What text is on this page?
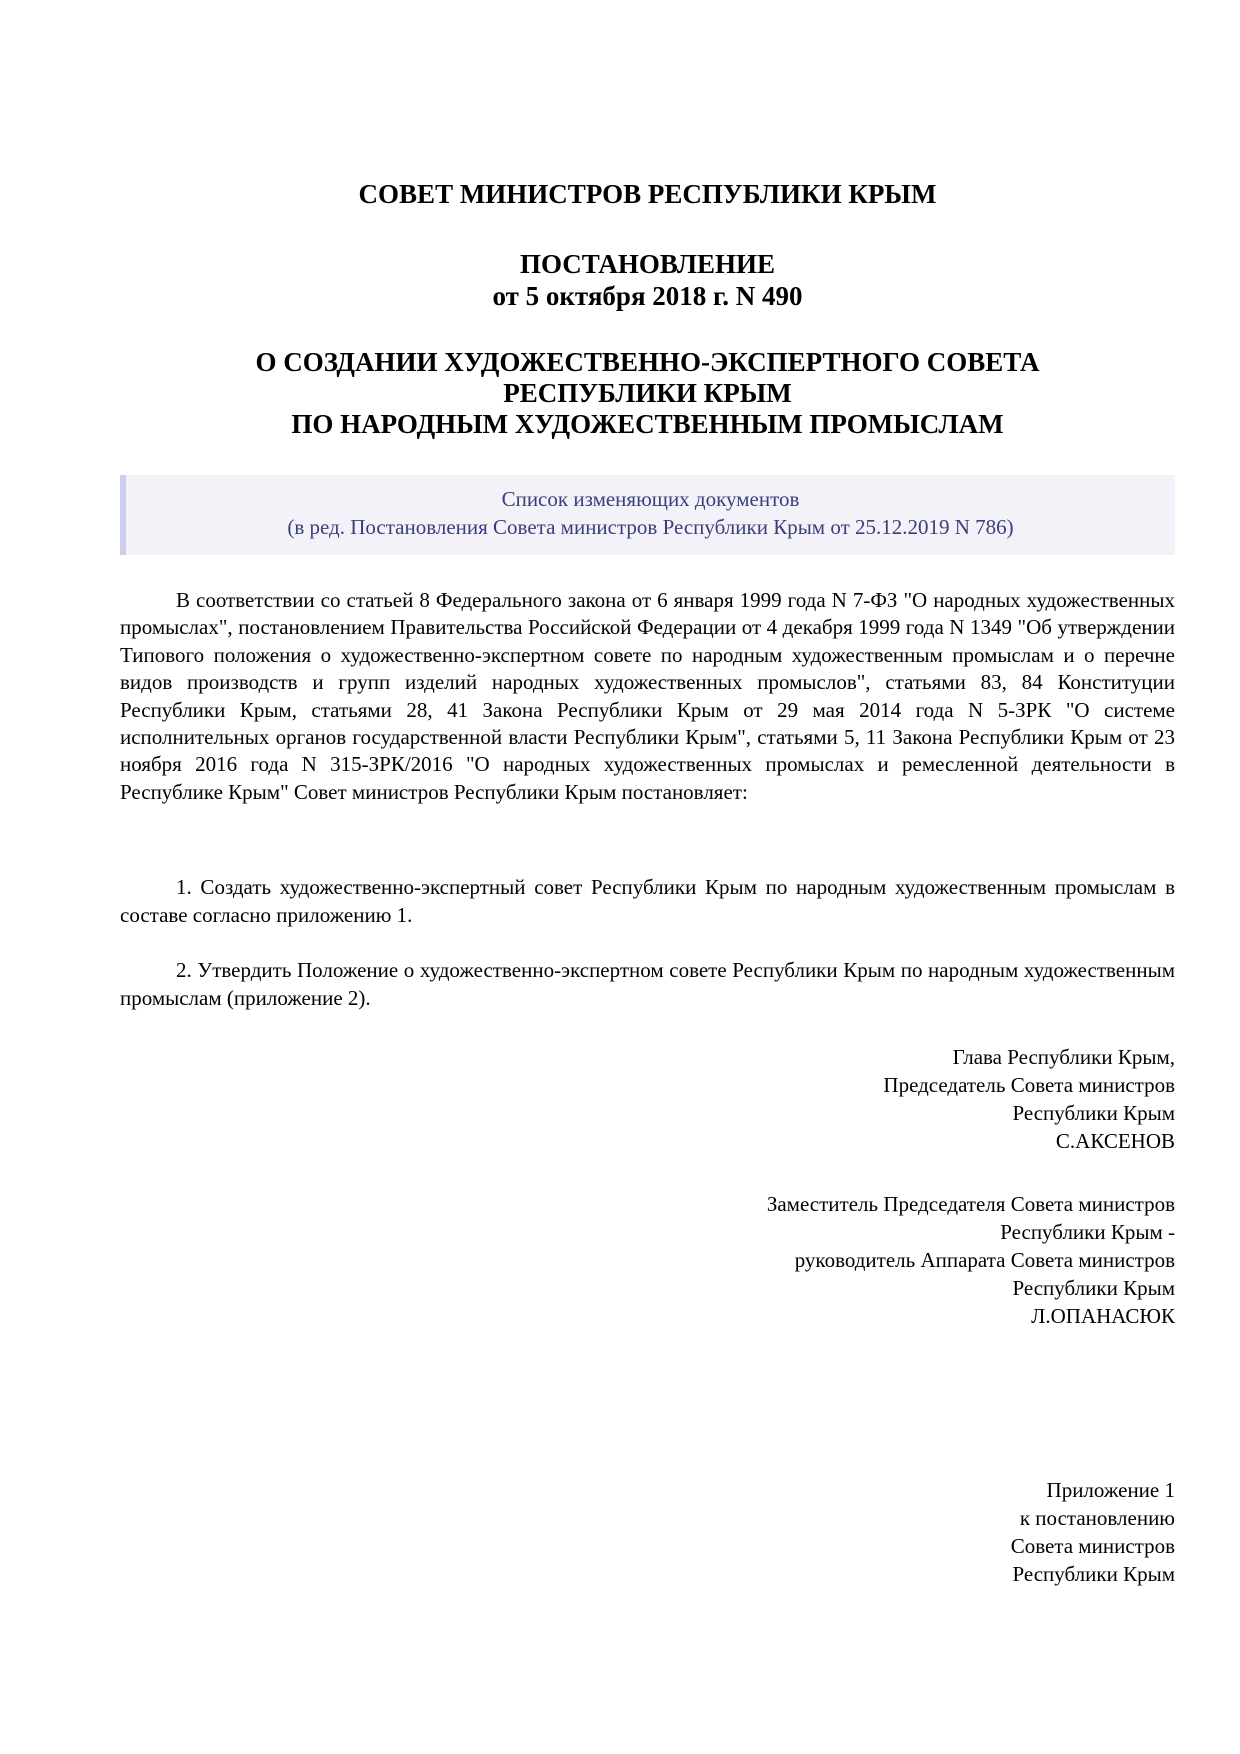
СОВЕТ МИНИСТРОВ РЕСПУБЛИКИ КРЫМ
ПОСТАНОВЛЕНИЕ
от 5 октября 2018 г. N 490
О СОЗДАНИИ ХУДОЖЕСТВЕННО-ЭКСПЕРТНОГО СОВЕТА
РЕСПУБЛИКИ КРЫМ
ПО НАРОДНЫМ ХУДОЖЕСТВЕННЫМ ПРОМЫСЛАМ
Список изменяющих документов
(в ред. Постановления Совета министров Республики Крым от 25.12.2019 N 786)

В соответствии со статьей 8 Федерального закона от 6 января 1999 года N 7-ФЗ "О народных художественных промыслах", постановлением Правительства Российской Федерации от 4 декабря 1999 года N 1349 "Об утверждении Типового положения о художественно-экспертном совете по народным художественным промыслам и о перечне видов производств и групп изделий народных художественных промыслов", статьями 83, 84 Конституции Республики Крым, статьями 28, 41 Закона Республики Крым от 29 мая 2014 года N 5-ЗРК "О системе исполнительных органов государственной власти Республики Крым", статьями 5, 11 Закона Республики Крым от 23 ноября 2016 года N 315-ЗРК/2016 "О народных художественных промыслах и ремесленной деятельности в Республике Крым" Совет министров Республики Крым постановляет:

1. Создать художественно-экспертный совет Республики Крым по народным художественным промыслам в составе согласно приложению 1.

2. Утвердить Положение о художественно-экспертном совете Республики Крым по народным художественным промыслам (приложение 2).

Глава Республики Крым,
Председатель Совета министров
Республики Крым
С.АКСЕНОВ
Заместитель Председателя Совета министров
Республики Крым -
руководитель Аппарата Совета министров
Республики Крым
Л.ОПАНАСЮК
Приложение 1
к постановлению
Совета министров
Республики Крым
